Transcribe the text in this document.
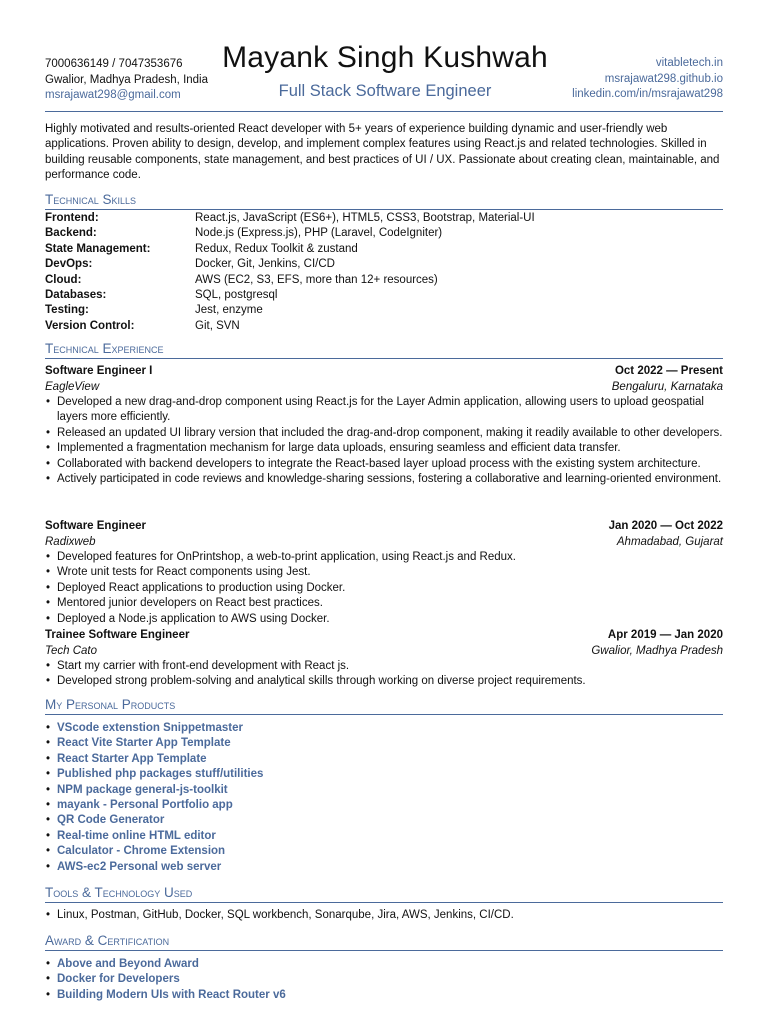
7000636149 / 7047353676
Gwalior, Madhya Pradesh, India
msrajawat298@gmail.com
Mayank Singh Kushwah
Full Stack Software Engineer
vitabletech.in
msrajawat298.github.io
linkedin.com/in/msrajawat298
Highly motivated and results-oriented React developer with 5+ years of experience building dynamic and user-friendly web applications. Proven ability to design, develop, and implement complex features using React.js and related technologies. Skilled in building reusable components, state management, and best practices of UI / UX. Passionate about creating clean, maintainable, and performance code.
Technical Skills
Frontend:	React.js, JavaScript (ES6+), HTML5, CSS3, Bootstrap, Material-UI
Backend:	Node.js (Express.js), PHP (Laravel, CodeIgniter)
State Management:	Redux, Redux Toolkit & zustand
DevOps:	Docker, Git, Jenkins, CI/CD
Cloud:	AWS (EC2, S3, EFS, more than 12+ resources)
Databases:	SQL, postgresql
Testing:	Jest, enzyme
Version Control:	Git, SVN
Technical Experience
Software Engineer I	Oct 2022 — Present
EagleView	Bengaluru, Karnataka
• Developed a new drag-and-drop component using React.js for the Layer Admin application, allowing users to upload geospatial layers more efficiently.
• Released an updated UI library version that included the drag-and-drop component, making it readily available to other developers.
• Implemented a fragmentation mechanism for large data uploads, ensuring seamless and efficient data transfer.
• Collaborated with backend developers to integrate the React-based layer upload process with the existing system architecture.
• Actively participated in code reviews and knowledge-sharing sessions, fostering a collaborative and learning-oriented environment.
Software Engineer	Jan 2020 — Oct 2022
Radixweb	Ahmadabad, Gujarat
• Developed features for OnPrintshop, a web-to-print application, using React.js and Redux.
• Wrote unit tests for React components using Jest.
• Deployed React applications to production using Docker.
• Mentored junior developers on React best practices.
• Deployed a Node.js application to AWS using Docker.
Trainee Software Engineer	Apr 2019 — Jan 2020
Tech Cato	Gwalior, Madhya Pradesh
• Start my carrier with front-end development with React js.
• Developed strong problem-solving and analytical skills through working on diverse project requirements.
My Personal Products
• VScode extenstion Snippetmaster
• React Vite Starter App Template
• React Starter App Template
• Published php packages stuff/utilities
• NPM package general-js-toolkit
• mayank - Personal Portfolio app
• QR Code Generator
• Real-time online HTML editor
• Calculator - Chrome Extension
• AWS-ec2 Personal web server
Tools & Technology Used
• Linux, Postman, GitHub, Docker, SQL workbench, Sonarqube, Jira, AWS, Jenkins, CI/CD.
Award & Certification
• Above and Beyond Award
• Docker for Developers
• Building Modern UIs with React Router v6
